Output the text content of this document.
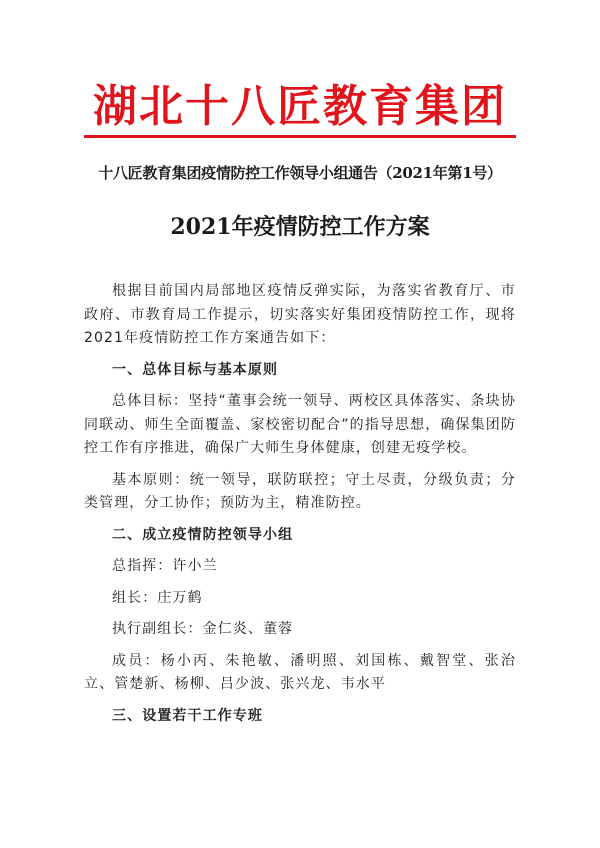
湖北十八匠教育集团
十八匠教育集团疫情防控工作领导小组通告（2021年第1号）
2021年疫情防控工作方案

根据目前国内局部地区疫情反弹实际，为落实省教育厅、市政府、市教育局工作提示，切实落实好集团疫情防控工作，现将2021年疫情防控工作方案通告如下：

一、总体目标与基本原则

总体目标：坚持“董事会统一领导、两校区具体落实、条块协同联动、师生全面覆盖、家校密切配合”的指导思想，确保集团防控工作有序推进，确保广大师生身体健康，创建无疫学校。

基本原则：统一领导，联防联控；守土尽责，分级负责；分类管理，分工协作；预防为主，精准防控。

二、成立疫情防控领导小组

总指挥：许小兰

组长：庄万鹤

执行副组长：金仁炎、董蓉

成员：杨小丙、朱艳敏、潘明照、刘国栋、戴智堂、张治立、管楚新、杨柳、吕少波、张兴龙、韦水平

三、设置若干工作专班
